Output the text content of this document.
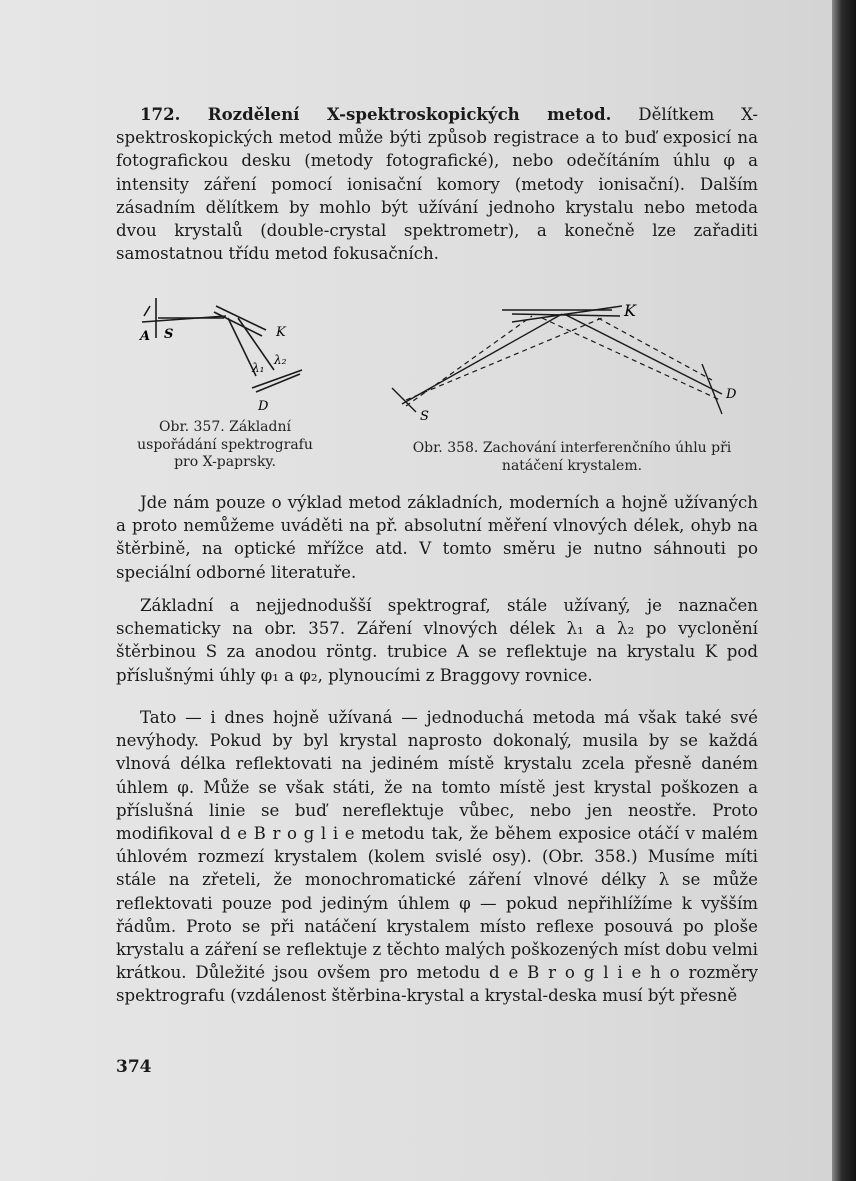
172. Rozdělení X-spektroskopických metod. Dělítkem X-spektroskopických metod může býti způsob registrace a to buď exposicí na fotografickou desku (metody fotografické), nebo odečítáním úhlu φ a intensity záření pomocí ionisační komory (metody ionisační). Dalším zásadním dělítkem by mohlo být užívání jednoho krystalu nebo metoda dvou krystalů (double-crystal spektrometr), a konečně lze zařaditi samostatnou třídu metod fokusačních.

A S	K
λ₁
λ₂
D
Obr. 357. Základní uspořádání spektrografu pro X-paprsky.
K
D
S
Obr. 358. Zachování interferenčního úhlu při natáčení krystalem.

Jde nám pouze o výklad metod základních, moderních a hojně užívaných a proto nemůžeme uváděti na př. absolutní měření vlnových délek, ohyb na štěrbině, na optické mřížce atd. V tomto směru je nutno sáhnouti po speciální odborné literatuře.

Základní a nejjednodušší spektrograf, stále užívaný, je naznačen schematicky na obr. 357. Záření vlnových délek λ₁ a λ₂ po vyclonění štěrbinou S za anodou röntg. trubice A se reflektuje na krystalu K pod příslušnými úhly φ₁ a φ₂, plynoucími z Braggovy rovnice.

Tato — i dnes hojně užívaná — jednoduchá metoda má však také své nevýhody. Pokud by byl krystal naprosto dokonalý, musila by se každá vlnová délka reflektovati na jediném místě krystalu zcela přesně daném úhlem φ. Může se však státi, že na tomto místě jest krystal poškozen a příslušná linie se buď nereflektuje vůbec, nebo jen neostře. Proto modifikoval d e B r o g l i e metodu tak, že během exposice otáčí v malém úhlovém rozmezí krystalem (kolem svislé osy). (Obr. 358.) Musíme míti stále na zřeteli, že monochromatické záření vlnové délky λ se může reflektovati pouze pod jediným úhlem φ — pokud nepřihlížíme k vyšším řádům. Proto se při natáčení krystalem místo reflexe posouvá po ploše krystalu a záření se reflektuje z těchto malých poškozených míst dobu velmi krátkou. Důležité jsou ovšem pro metodu d e B r o g l i e h o rozměry spektrografu (vzdálenost štěrbina-krystal a krystal-deska musí být přesně

374
